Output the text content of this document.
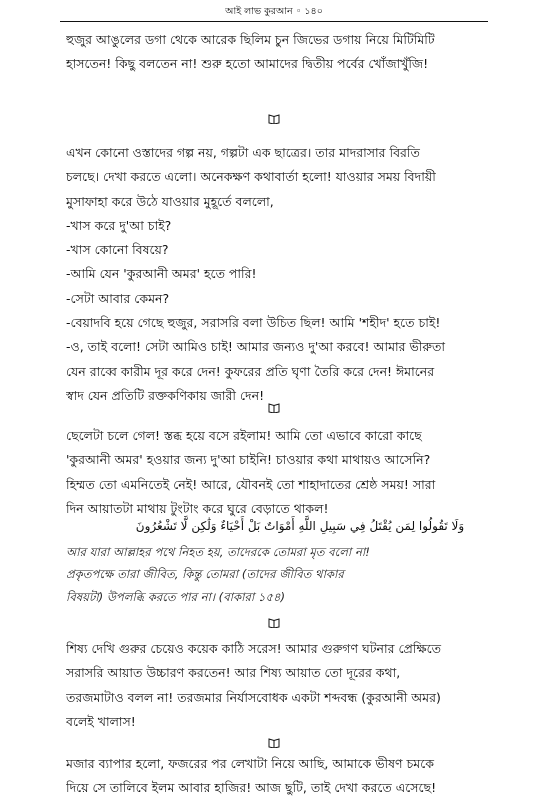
আই লাভ কুরআন ◦ ১৪০
হুজুর আঙুলের ডগা থেকে আরেক ছিলিম চুন জিভের ডগায় নিয়ে মিটিমিটি
হাসতেন! কিছু বলতেন না! শুরু হতো আমাদের দ্বিতীয় পর্বের খোঁজাখুঁজি!
এখন কোনো ওস্তাদের গল্প নয়, গল্পটা এক ছাত্রের। তার মাদরাসার বিরতি
চলছে। দেখা করতে এলো। অনেকক্ষণ কথাবার্তা হলো! যাওয়ার সময় বিদায়ী
মুসাফাহা করে উঠে যাওয়ার মুহূর্তে বললো,
-খাস করে দু'আ চাই?
-খাস কোনো বিষয়ে?
-আমি যেন 'কুরআনী অমর' হতে পারি!
-সেটা আবার কেমন?
-বেয়াদবি হয়ে গেছে হুজুর, সরাসরি বলা উচিত ছিল! আমি 'শহীদ' হতে চাই!
-ও, তাই বলো! সেটা আমিও চাই! আমার জন্যও দু'আ করবে! আমার ভীরুতা
যেন রাব্বে কারীম দূর করে দেন! কুফরের প্রতি ঘৃণা তৈরি করে দেন! ঈমানের
স্বাদ যেন প্রতিটি রক্তকণিকায় জারী দেন!
ছেলেটা চলে গেল! স্তব্ধ হয়ে বসে রইলাম! আমি তো এভাবে কারো কাছে
'কুরআনী অমর' হওয়ার জন্য দু'আ চাইনি! চাওয়ার কথা মাথায়ও আসেনি?
হিম্মত তো এমনিতেই নেই! আরে, যৌবনই তো শাহাদাতের শ্রেষ্ঠ সময়! সারা
দিন আয়াতটা মাথায় টুংটাং করে ঘুরে বেড়াতে থাকল!
وَلَا تَقُولُوا لِمَن يُقْتَلُ فِي سَبِيلِ اللَّهِ أَمْوَاتٌ بَلْ أَحْيَاءٌ وَلَٰكِن لَّا تَشْعُرُونَ
আর যারা আল্লাহর পথে নিহত হয়, তাদেরকে তোমরা মৃত বলো না!
প্রকৃতপক্ষে তারা জীবিত, কিন্তু তোমরা (তাদের জীবিত থাকার
বিষয়টা) উপলব্ধি করতে পার না। (বাকারা ১৫৪)
শিষ্য দেখি গুরুর চেয়েও কয়েক কাঠি সরেস! আমার গুরুগণ ঘটনার প্রেক্ষিতে
সরাসরি আয়াত উচ্চারণ করতেন! আর শিষ্য আয়াত তো দূরের কথা,
তরজমাটাও বলল না! তরজমার নির্যাসবোধক একটা শব্দবন্ধ (কুরআনী অমর)
বলেই খালাস!
মজার ব্যাপার হলো, ফজরের পর লেখাটা নিয়ে আছি, আমাকে ভীষণ চমকে
দিয়ে সে তালিবে ইলম আবার হাজির! আজ ছুটি, তাই দেখা করতে এসেছে!
